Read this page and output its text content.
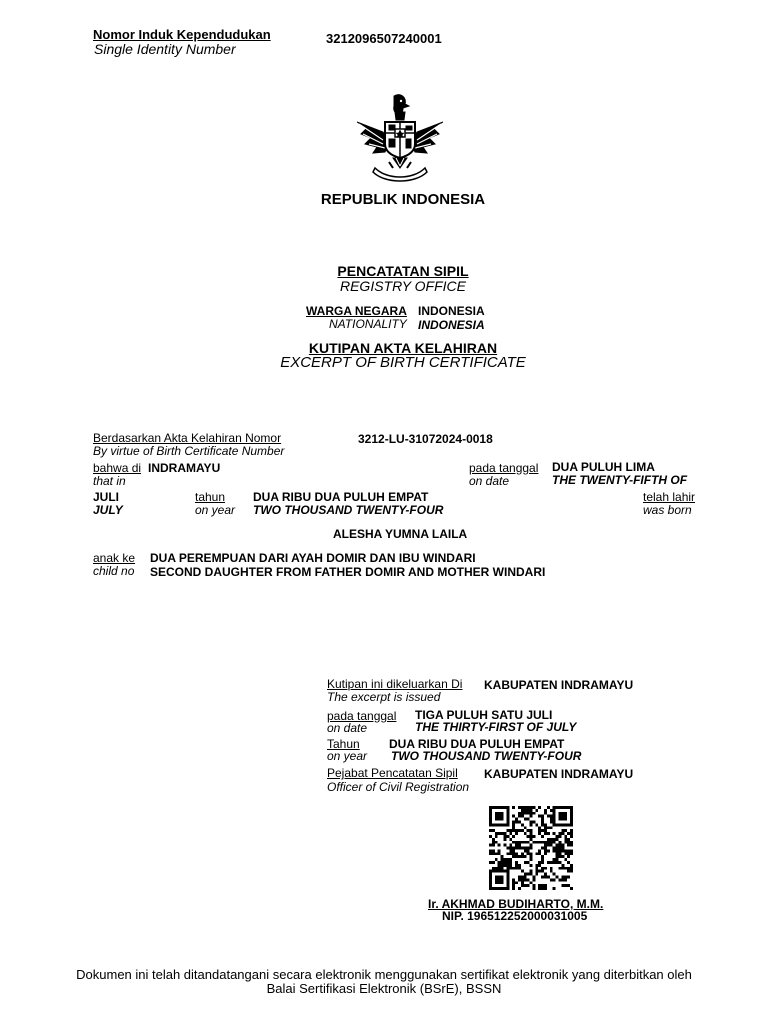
Nomor Induk Kependudukan
Single Identity Number
3212096507240001
REPUBLIK INDONESIA
PENCATATAN SIPIL
REGISTRY OFFICE
WARGA NEGARA INDONESIA
NATIONALITY INDONESIA
KUTIPAN AKTA KELAHIRAN
EXCERPT OF BIRTH CERTIFICATE
Berdasarkan Akta Kelahiran Nomor
By virtue of Birth Certificate Number
3212-LU-31072024-0018
bahwa di INDRAMAYU
that in
pada tanggal
on date
DUA PULUH LIMA
THE TWENTY-FIFTH OF
JULI
JULY
tahun
on year
DUA RIBU DUA PULUH EMPAT
TWO THOUSAND TWENTY-FOUR
telah lahir
was born
ALESHA YUMNA LAILA
anak ke
child no
DUA PEREMPUAN DARI AYAH DOMIR DAN IBU WINDARI
SECOND DAUGHTER FROM FATHER DOMIR AND MOTHER WINDARI
Kutipan ini dikeluarkan Di
The excerpt is issued
KABUPATEN INDRAMAYU
pada tanggal
on date
TIGA PULUH SATU JULI
THE THIRTY-FIRST OF JULY
Tahun
on year
DUA RIBU DUA PULUH EMPAT
TWO THOUSAND TWENTY-FOUR
Pejabat Pencatatan Sipil
Officer of Civil Registration
KABUPATEN INDRAMAYU
Ir. AKHMAD BUDIHARTO, M.M.
NIP. 196512252000031005
Dokumen ini telah ditandatangani secara elektronik menggunakan sertifikat elektronik yang diterbitkan oleh
Balai Sertifikasi Elektronik (BSrE), BSSN
